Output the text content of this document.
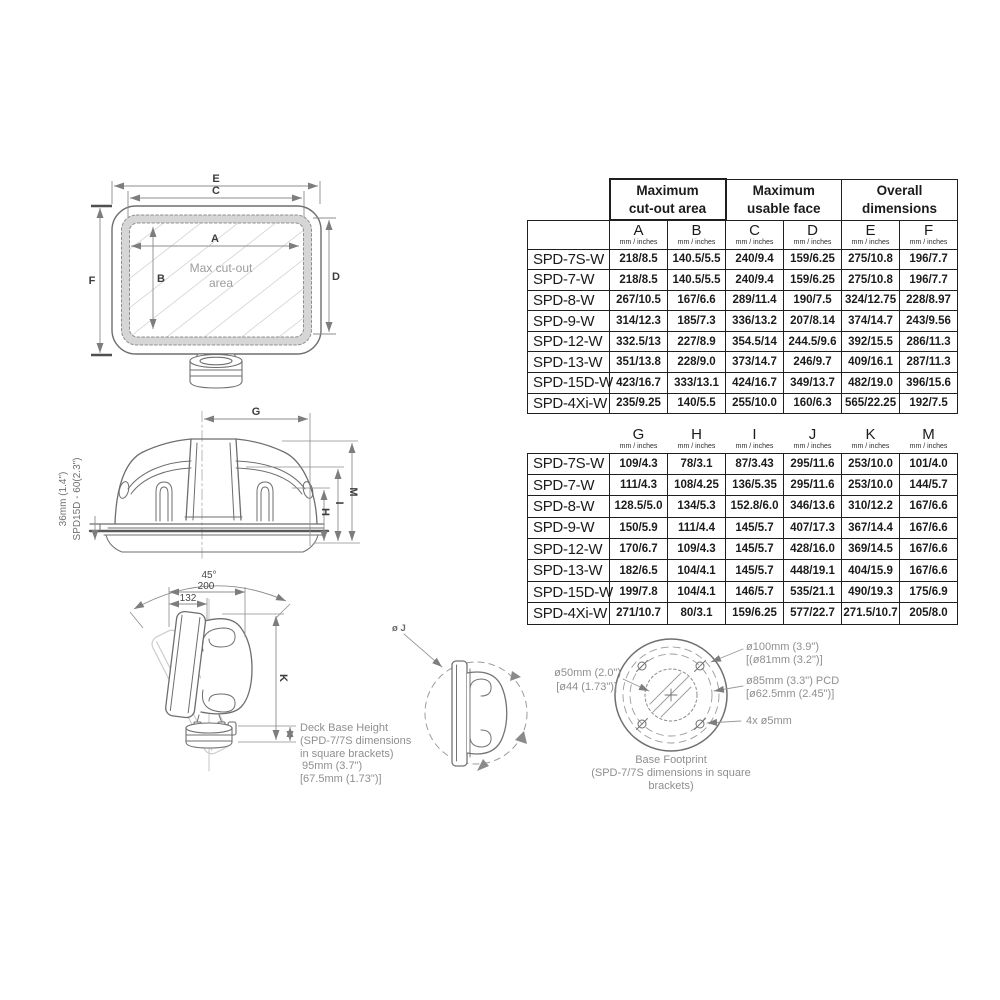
E
C
F
A
B	D
Max cut-out
area
G
M
I
H
36mm (1.4") SPD15D - 60(2.3")
45°
200
132
K
Deck Base Height
(SPD-7/7S dimensions
in square brackets)
95mm (3.7")
[67.5mm (1.73")]
ø J
ø100mm (3.9")
[(ø81mm (3.2")]
ø85mm (3.3") PCD
[ø62.5mm (2.45")]
4x ø5mm
ø50mm (2.0")
[ø44 (1.73")]
Base Footprint
(SPD-7/7S dimensions in square
brackets)
	Maximum
cut-out area		Maximum
usable face		Overall
dimensions	

	A
mm / inches	B
mm / inches	C
mm / inches	D
mm / inches	E
mm / inches	F
mm / inches

SPD-7S-W	218/8.5	140.5/5.5	240/9.4	159/6.25	275/10.8	196/7.7
SPD-7-W	218/8.5	140.5/5.5	240/9.4	159/6.25	275/10.8	196/7.7
SPD-8-W	267/10.5	167/6.6	289/11.4	190/7.5	324/12.75	228/8.97
SPD-9-W	314/12.3	185/7.3	336/13.2	207/8.14	374/14.7	243/9.56
SPD-12-W	332.5/13	227/8.9	354.5/14	244.5/9.6	392/15.5	286/11.3
SPD-13-W	351/13.8	228/9.0	373/14.7	246/9.7	409/16.1	287/11.3
SPD-15D-W	423/16.7	333/13.1	424/16.7	349/13.7	482/19.0	396/15.6
SPD-4Xi-W	235/9.25	140/5.5	255/10.0	160/6.3	565/22.25	192/7.5

	G
mm / inches	H
mm / inches	I
mm / inches	J
mm / inches	K
mm / inches	M
mm / inches

SPD-7S-W	109/4.3	78/3.1	87/3.43	295/11.6	253/10.0	101/4.0
SPD-7-W	111/4.3	108/4.25	136/5.35	295/11.6	253/10.0	144/5.7
SPD-8-W	128.5/5.0	134/5.3	152.8/6.0	346/13.6	310/12.2	167/6.6
SPD-9-W	150/5.9	111/4.4	145/5.7	407/17.3	367/14.4	167/6.6
SPD-12-W	170/6.7	109/4.3	145/5.7	428/16.0	369/14.5	167/6.6
SPD-13-W	182/6.5	104/4.1	145/5.7	448/19.1	404/15.9	167/6.6
SPD-15D-W	199/7.8	104/4.1	146/5.7	535/21.1	490/19.3	175/6.9
SPD-4Xi-W	271/10.7	80/3.1	159/6.25	577/22.7	271.5/10.7	205/8.0
